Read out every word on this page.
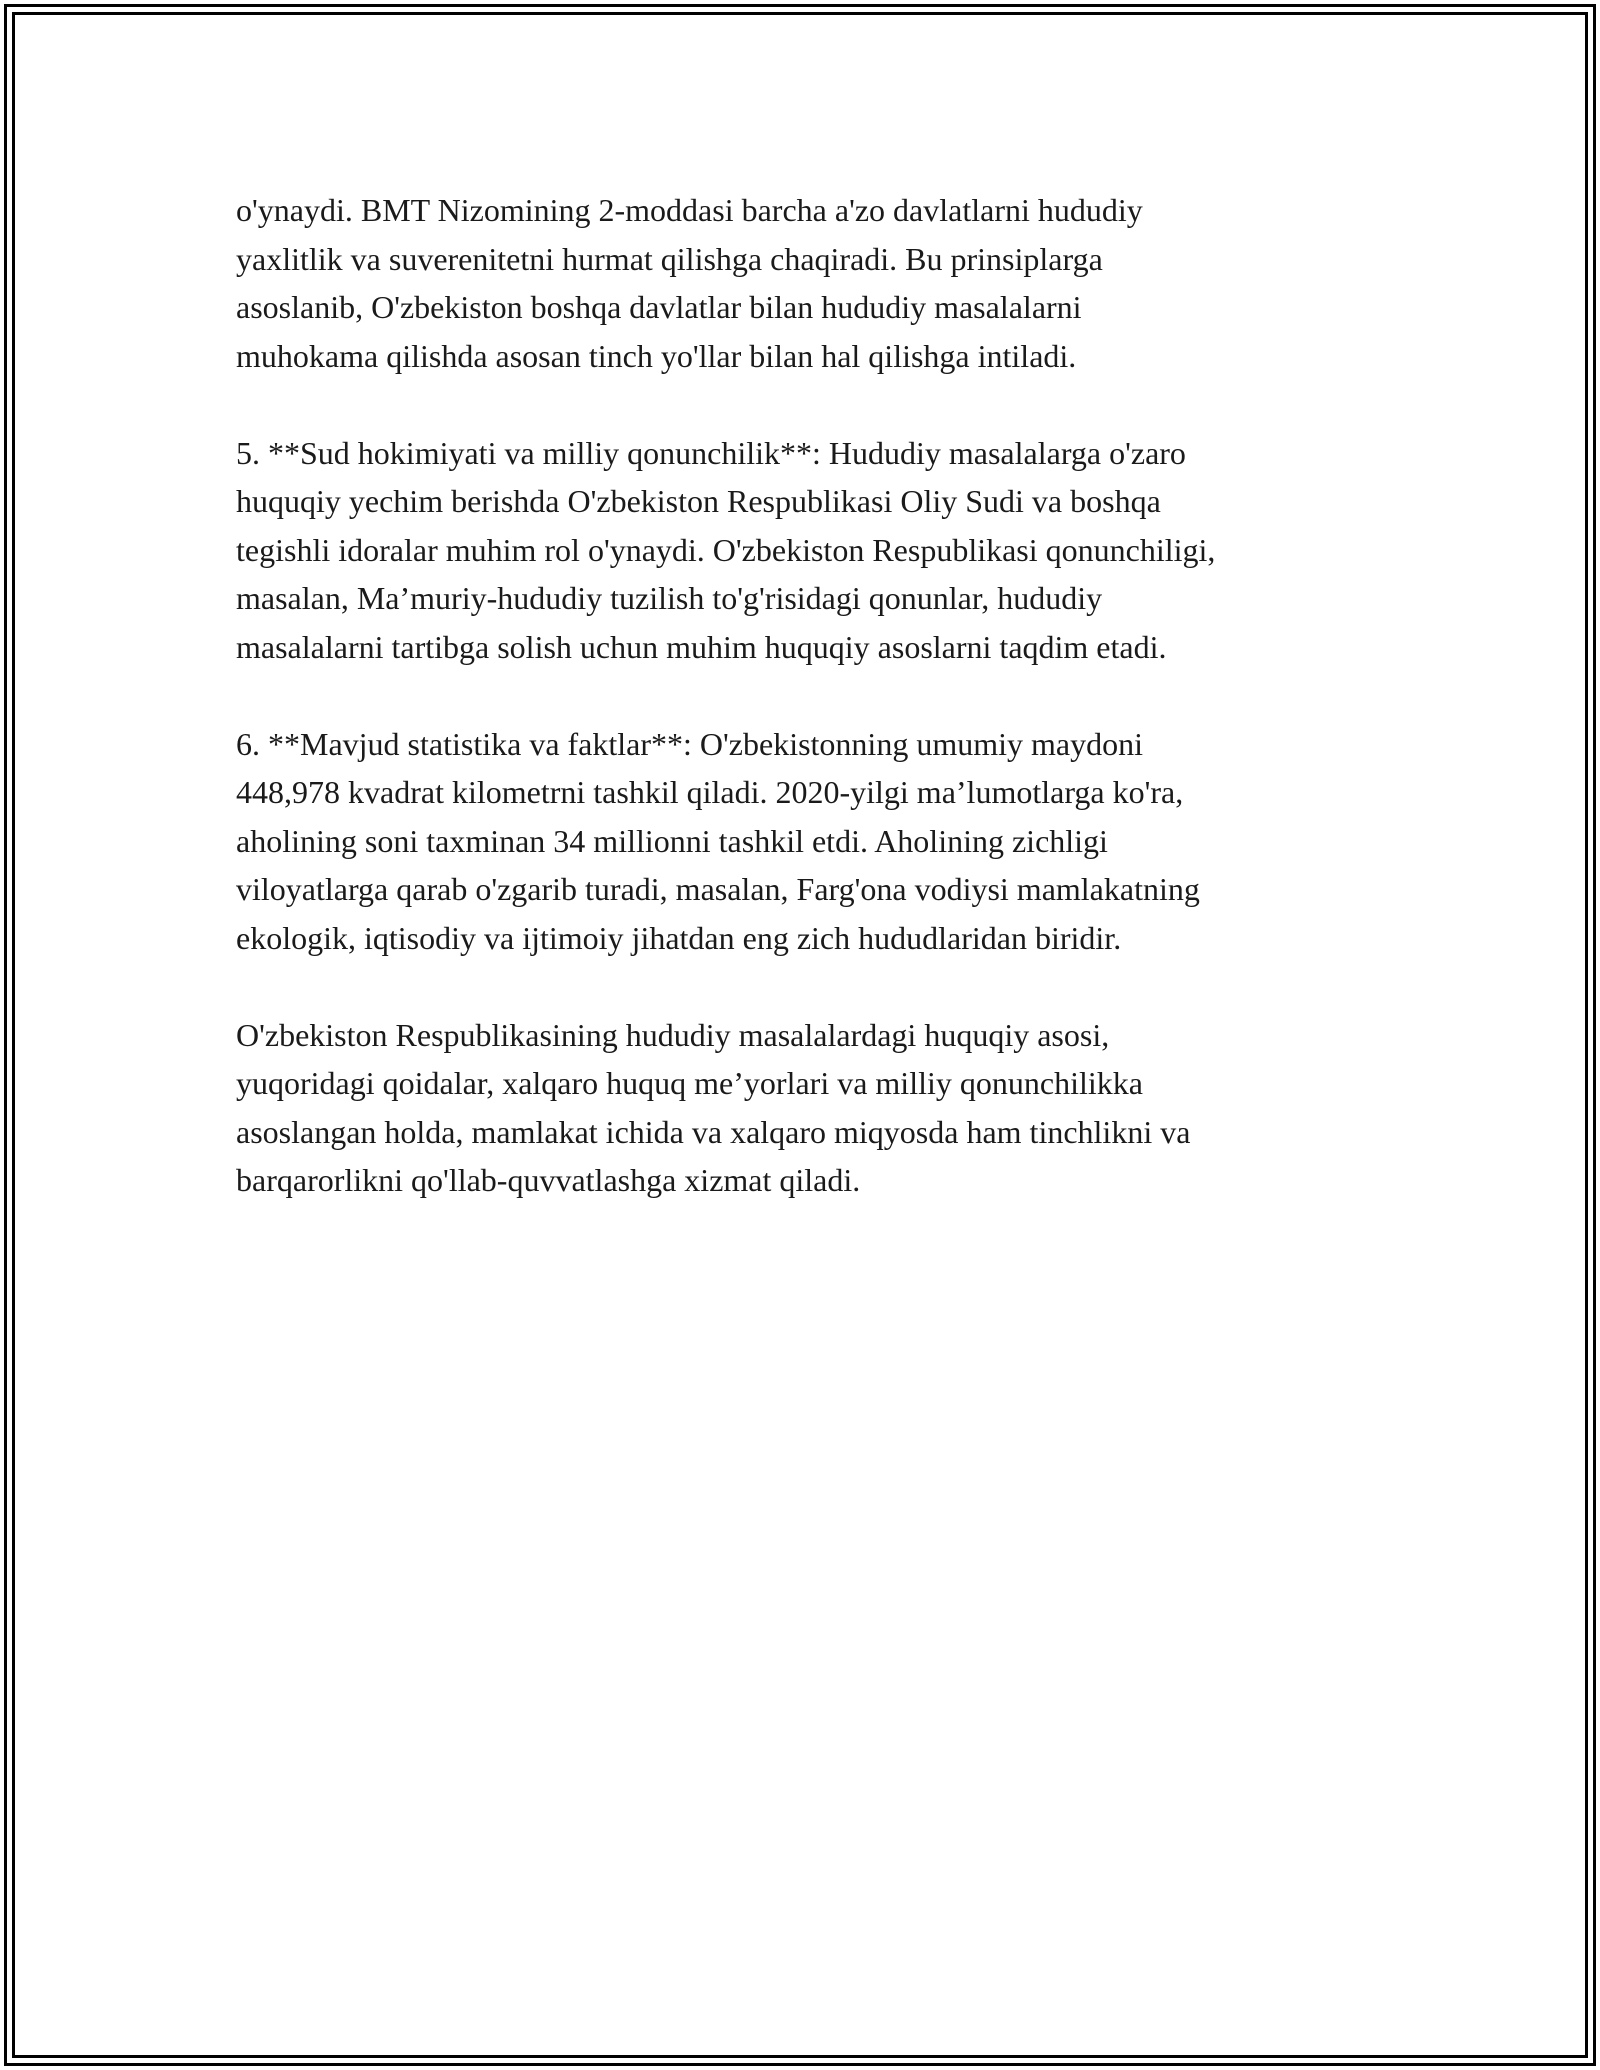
o'ynaydi. BMT Nizomining 2-moddasi barcha a'zo davlatlarni hududiy
yaxlitlik va suverenitetni hurmat qilishga chaqiradi. Bu prinsiplarga
asoslanib, O'zbekiston boshqa davlatlar bilan hududiy masalalarni
muhokama qilishda asosan tinch yo'llar bilan hal qilishga intiladi.

5. **Sud hokimiyati va milliy qonunchilik**: Hududiy masalalarga o'zaro
huquqiy yechim berishda O'zbekiston Respublikasi Oliy Sudi va boshqa
tegishli idoralar muhim rol o'ynaydi. O'zbekiston Respublikasi qonunchiligi,
masalan, Ma’muriy-hududiy tuzilish to'g'risidagi qonunlar, hududiy
masalalarni tartibga solish uchun muhim huquqiy asoslarni taqdim etadi.

6. **Mavjud statistika va faktlar**: O'zbekistonning umumiy maydoni
448,978 kvadrat kilometrni tashkil qiladi. 2020-yilgi ma’lumotlarga ko'ra,
aholining soni taxminan 34 millionni tashkil etdi. Aholining zichligi
viloyatlarga qarab o'zgarib turadi, masalan, Farg'ona vodiysi mamlakatning
ekologik, iqtisodiy va ijtimoiy jihatdan eng zich hududlaridan biridir.

O'zbekiston Respublikasining hududiy masalalardagi huquqiy asosi,
yuqoridagi qoidalar, xalqaro huquq me’yorlari va milliy qonunchilikka
asoslangan holda, mamlakat ichida va xalqaro miqyosda ham tinchlikni va
barqarorlikni qo'llab-quvvatlashga xizmat qiladi.
